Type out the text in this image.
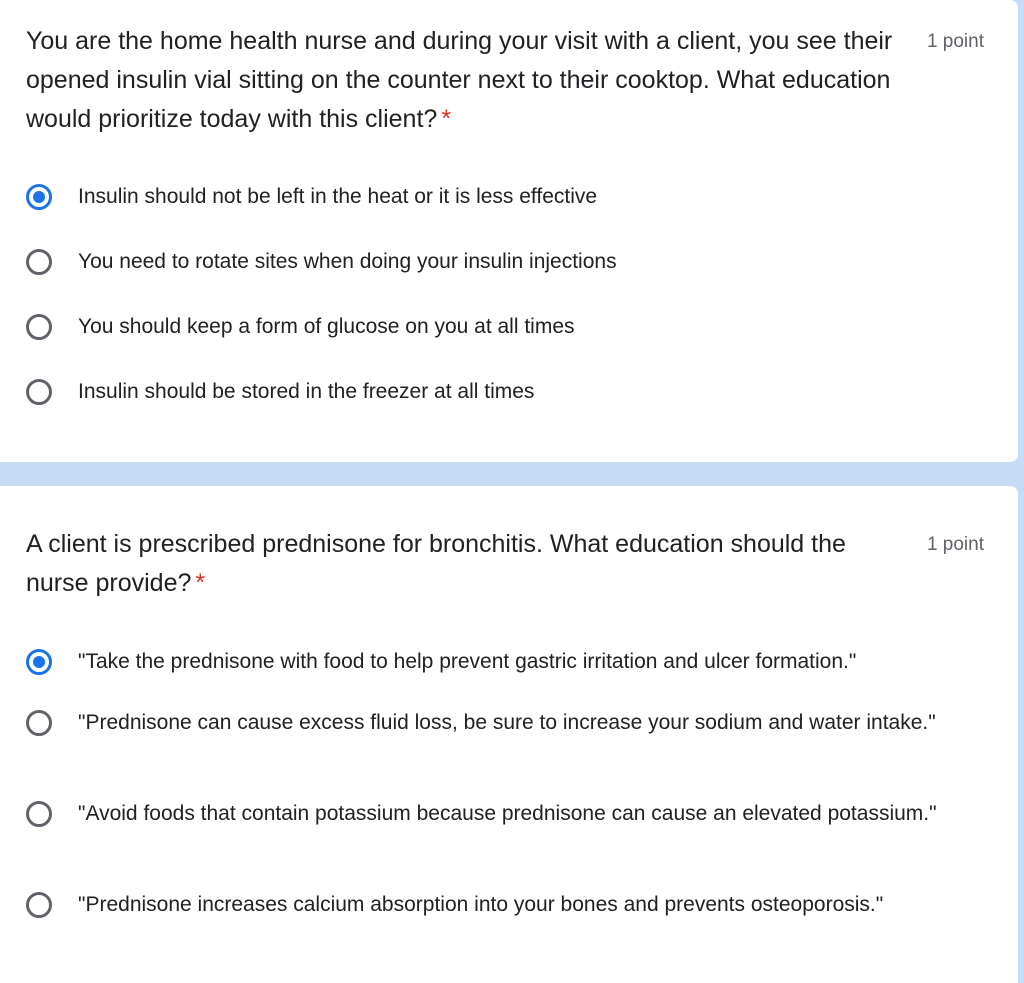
You are the home health nurse and during your visit with a client, you see their opened insulin vial sitting on the counter next to their cooktop. What education would prioritize today with this client? *
1 point
Insulin should not be left in the heat or it is less effective
You need to rotate sites when doing your insulin injections
You should keep a form of glucose on you at all times
Insulin should be stored in the freezer at all times
A client is prescribed prednisone for bronchitis. What education should the nurse provide? *
1 point
"Take the prednisone with food to help prevent gastric irritation and ulcer formation."
"Prednisone can cause excess fluid loss, be sure to increase your sodium and water intake."
"Avoid foods that contain potassium because prednisone can cause an elevated potassium."
"Prednisone increases calcium absorption into your bones and prevents osteoporosis."
